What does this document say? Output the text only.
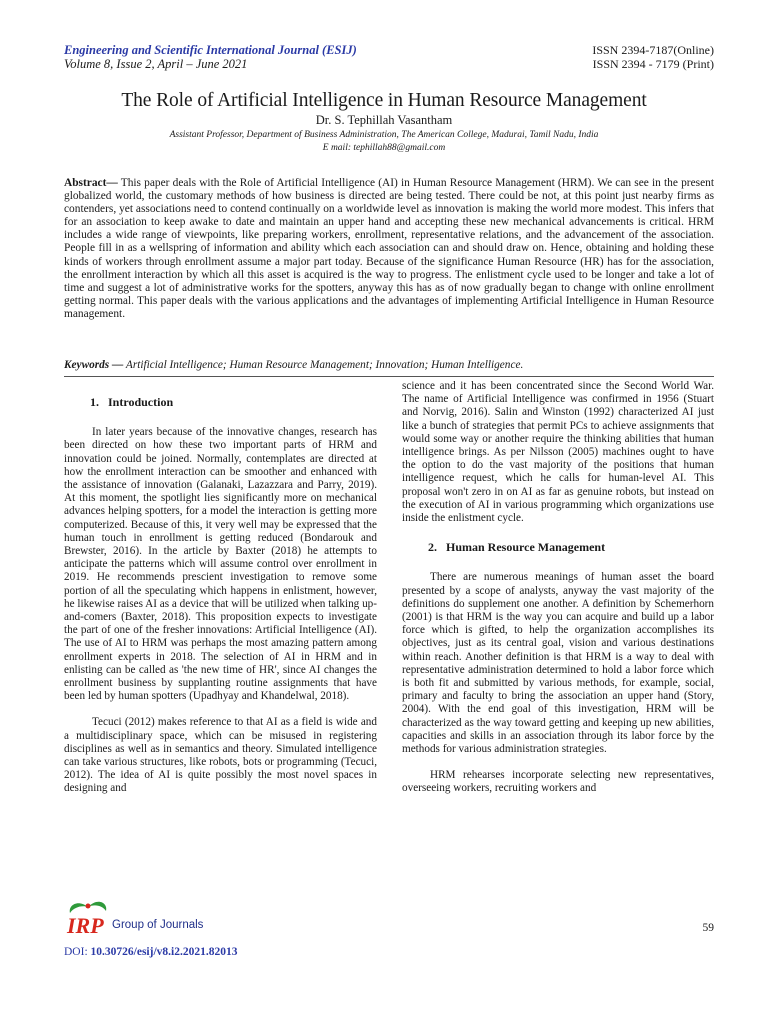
Engineering and Scientific International Journal (ESIJ)
Volume 8, Issue 2, April – June 2021
ISSN 2394-7187(Online)
ISSN 2394 - 7179 (Print)
The Role of Artificial Intelligence in Human Resource Management
Dr. S. Tephillah Vasantham
Assistant Professor, Department of Business Administration, The American College, Madurai, Tamil Nadu, India
E mail: tephillah88@gmail.com
Abstract— This paper deals with the Role of Artificial Intelligence (AI) in Human Resource Management (HRM). We can see in the present globalized world, the customary methods of how business is directed are being tested. There could be not, at this point just nearby firms as contenders, yet associations need to contend continually on a worldwide level as innovation is making the world more modest. This infers that for an association to keep awake to date and maintain an upper hand and accepting these new mechanical advancements is critical. HRM includes a wide range of viewpoints, like preparing workers, enrollment, representative relations, and the advancement of the association. People fill in as a wellspring of information and ability which each association can and should draw on. Hence, obtaining and holding these kinds of workers through enrollment assume a major part today. Because of the significance Human Resource (HR) has for the association, the enrollment interaction by which all this asset is acquired is the way to progress. The enlistment cycle used to be longer and take a lot of time and suggest a lot of administrative works for the spotters, anyway this has as of now gradually began to change with online enrollment getting normal. This paper deals with the various applications and the advantages of implementing Artificial Intelligence in Human Resource management.
Keywords — Artificial Intelligence; Human Resource Management; Innovation; Human Intelligence.
1.   Introduction

In later years because of the innovative changes, research has been directed on how these two important parts of HRM and innovation could be joined. Normally, contemplates are directed at how the enrollment interaction can be smoother and enhanced with the assistance of innovation (Galanaki, Lazazzara and Parry, 2019). At this moment, the spotlight lies significantly more on mechanical advances helping spotters, for a model the interaction is getting more computerized. Because of this, it very well may be expressed that the human touch in enrollment is getting reduced (Bondarouk and Brewster, 2016). In the article by Baxter (2018) he attempts to anticipate the patterns which will assume control over enrollment in 2019. He recommends prescient investigation to remove some portion of all the speculating which happens in enlistment, however, he likewise raises AI as a device that will be utilized when talking up-and-comers (Baxter, 2018). This proposition expects to investigate the part of one of the fresher innovations: Artificial Intelligence (AI). The use of AI to HRM was perhaps the most amazing pattern among enrollment experts in 2018. The selection of AI in HRM and in enlisting can be called as 'the new time of HR', since AI changes the enrollment business by supplanting routine assignments that have been led by human spotters (Upadhyay and Khandelwal, 2018).

Tecuci (2012) makes reference to that AI as a field is wide and a multidisciplinary space, which can be misused in registering disciplines as well as in semantics and theory. Simulated intelligence can take various structures, like robots, bots or programming (Tecuci, 2012). The idea of AI is quite possibly the most novel spaces in designing and

science and it has been concentrated since the Second World War. The name of Artificial Intelligence was confirmed in 1956 (Stuart and Norvig, 2016). Salin and Winston (1992) characterized AI just like a bunch of strategies that permit PCs to achieve assignments that would some way or another require the thinking abilities that human intelligence brings. As per Nilsson (2005) machines ought to have the option to do the vast majority of the positions that human intelligence request, which he calls for human-level AI. This proposal won't zero in on AI as far as genuine robots, but instead on the execution of AI in various programming which organizations use inside the enlistment cycle.

2.   Human Resource Management

There are numerous meanings of human asset the board presented by a scope of analysts, anyway the vast majority of the definitions do supplement one another. A definition by Schemerhorn (2001) is that HRM is the way you can acquire and build up a labor force which is gifted, to help the organization accomplishes its objectives, just as its central goal, vision and various destinations within reach. Another definition is that HRM is a way to deal with representative administration determined to hold a labor force which is both fit and submitted by various methods, for example, social, primary and faculty to bring the association an upper hand (Story, 2004). With the end goal of this investigation, HRM will be characterized as the way toward getting and keeping up new abilities, capacities and skills in an association through its labor force by the methods for various administration strategies.

HRM rehearses incorporate selecting new representatives, overseeing workers, recruiting workers and

IRP Group of Journals	59
DOI: 10.30726/esij/v8.i2.2021.82013
